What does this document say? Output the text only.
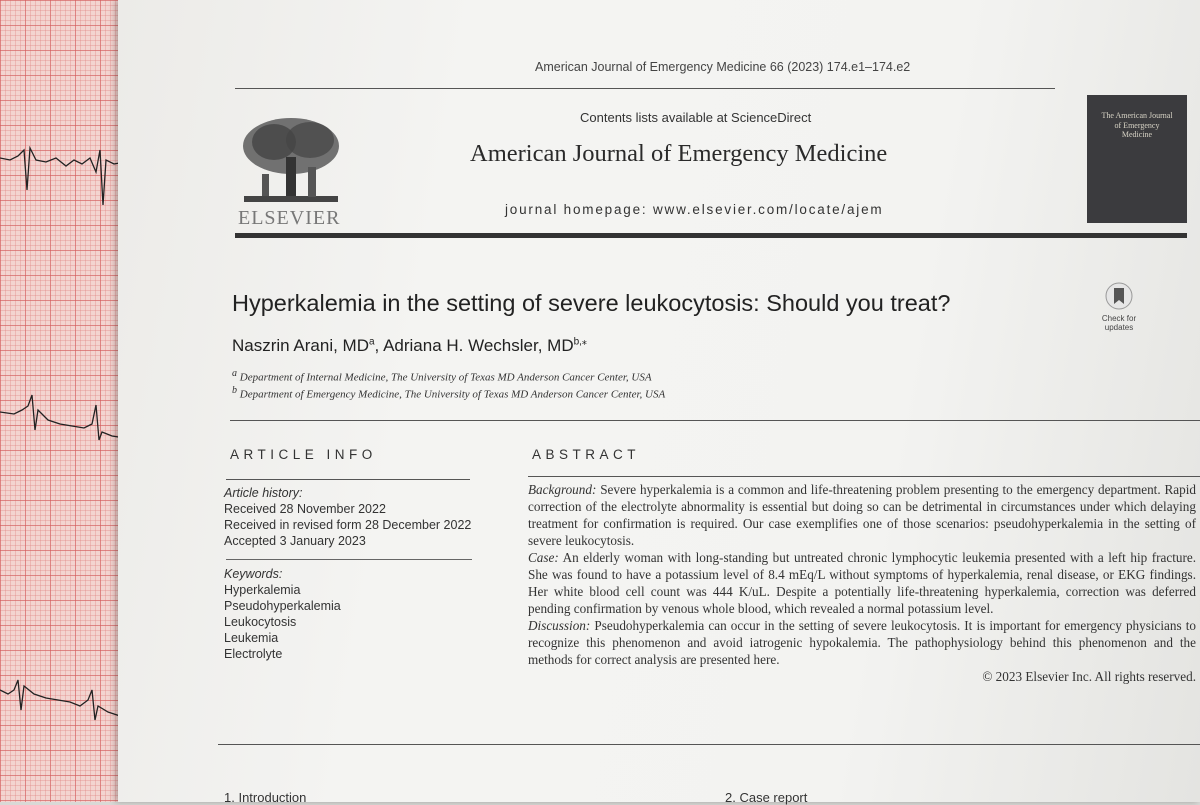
American Journal of Emergency Medicine 66 (2023) 174.e1–174.e2
Contents lists available at ScienceDirect
ELSEVIER
American Journal of Emergency Medicine
journal homepage: www.elsevier.com/locate/ajem
The American Journal of Emergency Medicine
Check for updates
Hyperkalemia in the setting of severe leukocytosis: Should you treat?
Naszrin Arani, $MD^a$, Adriana H. Wechsler, $MD^{b,⁎}$
$^a$ Department of Internal Medicine, The University of Texas MD Anderson Cancer Center, USA
$^b$ Department of Emergency Medicine, The University of Texas MD Anderson Cancer Center, USA
ARTICLE INFO	ABSTRACT
Article history:
Received 28 November 2022
Received in revised form 28 December 2022
Accepted 3 January 2023
Keywords:
Hyperkalemia
Pseudohyperkalemia
Leukocytosis
Leukemia
Electrolyte

Background: Severe hyperkalemia is a common and life-threatening problem presenting to the emergency department. Rapid correction of the electrolyte abnormality is essential but doing so can be detrimental in circumstances under which delaying treatment for confirmation is required. Our case exemplifies one of those scenarios: pseudohyperkalemia in the setting of severe leukocytosis.

Case: An elderly woman with long-standing but untreated chronic lymphocytic leukemia presented with a left hip fracture. She was found to have a potassium level of 8.4 mEq/L without symptoms of hyperkalemia, renal disease, or EKG findings. Her white blood cell count was 444 K/uL. Despite a potentially life-threatening hyperkalemia, correction was deferred pending confirmation by venous whole blood, which revealed a normal potassium level.

Discussion: Pseudohyperkalemia can occur in the setting of severe leukocytosis. It is important for emergency physicians to recognize this phenomenon and avoid iatrogenic hypokalemia. The pathophysiology behind this phenomenon and the methods for correct analysis are presented here.

© 2023 Elsevier Inc. All rights reserved.

1. Introduction	2. Case report
